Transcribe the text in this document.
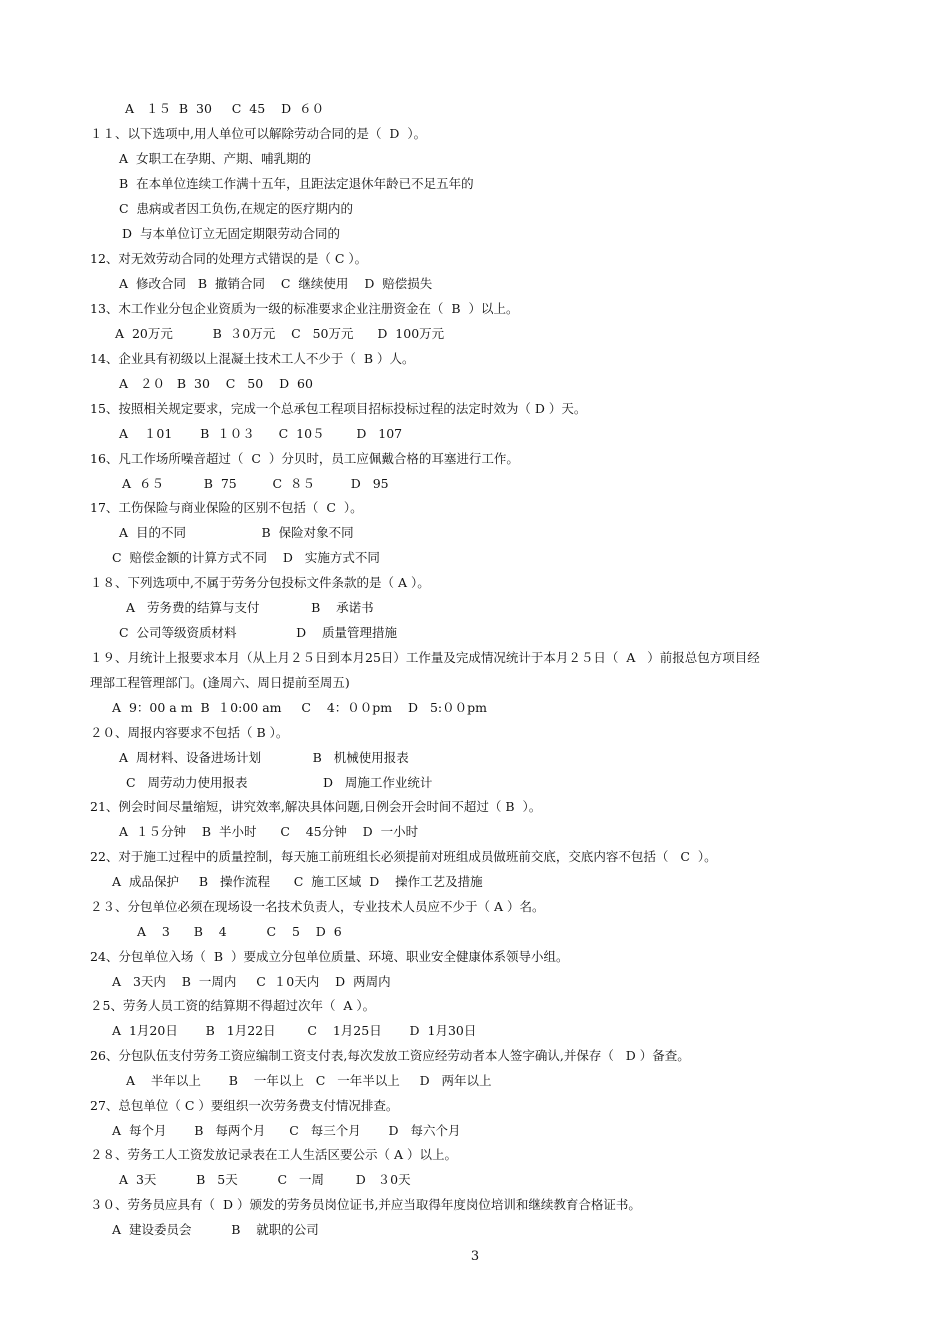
A   １５  B  30     C  45    D  ６０
１１、以下选项中,用人单位可以解除劳动合同的是（  D  ）。
A  女职工在孕期、产期、哺乳期的
B  在本单位连续工作满十五年，且距法定退休年龄已不足五年的
C  患病或者因工负伤,在规定的医疗期内的
D  与本单位订立无固定期限劳动合同的
12、对无效劳动合同的处理方式错误的是（ C ）。
A  修改合同   B  撤销合同    C  继续使用    D  赔偿损失
13、木工作业分包企业资质为一级的标准要求企业注册资金在（  B  ）以上。
A  20万元          B  ３0万元    C   50万元      D  100万元
14、企业具有初级以上混凝土技术工人不少于（  B ）人。
A   ２０   B  30    C   50    D  60
15、按照相关规定要求，完成一个总承包工程项目招标投标过程的法定时效为（ D ）天。
A    １01       B  １０３      C  10５        D   107
16、凡工作场所噪音超过（  C  ）分贝时，员工应佩戴合格的耳塞进行工作。
A  ６５          B  75         C  ８５         D   95
17、工伤保险与商业保险的区别不包括（  C  ）。
A  目的不同                   B  保险对象不同
C  赔偿金额的计算方式不同    D   实施方式不同
１８、下列选项中,不属于劳务分包投标文件条款的是（ A ）。
A   劳务费的结算与支付             B    承诺书
C  公司等级资质材料               D    质量管理措施
１９、月统计上报要求本月（从上月２５日到本月25日）工作量及完成情况统计于本月２５日（  A   ）前报总包方项目经
理部工程管理部门。(逢周六、周日提前至周五)
A  9：00 a m  B  １0:00 am     C    4：００pm    D   5:００pm
２０、周报内容要求不包括（ B ）。
A  周材料、设备进场计划             B   机械使用报表
C   周劳动力使用报表                   D   周施工作业统计
21、例会时间尽量缩短，讲究效率,解决具体问题,日例会开会时间不超过（ B  ）。
A  １５分钟    B  半小时      C    45分钟    D  一小时
22、对于施工过程中的质量控制，每天施工前班组长必须提前对班组成员做班前交底，交底内容不包括（   C  ）。
A  成品保护     B   操作流程      C  施工区域  D    操作工艺及措施
２３、分包单位必须在现场设一名技术负责人，专业技术人员应不少于（ A ）名。
A    3      B    4          C    5    D  6
24、分包单位入场（  B  ）要成立分包单位质量、环境、职业安全健康体系领导小组。
A   3天内    B  一周内     C  １0天内    D  两周内
２5、劳务人员工资的结算期不得超过次年（  A ）。
A  1月20日       B   1月22日        C    1月25日       D  1月30日
26、分包队伍支付劳务工资应编制工资支付表,每次发放工资应经劳动者本人签字确认,并保存（   D ）备查。
A    半年以上       B    一年以上   C   一年半以上     D   两年以上
27、总包单位（ C ）要组织一次劳务费支付情况排查。
A  每个月       B   每两个月      C   每三个月       D   每六个月
２８、劳务工人工资发放记录表在工人生活区要公示（ A ）以上。
A  3天          B   5天          C   一周        D   ３0天
３０、劳务员应具有（  D ）颁发的劳务员岗位证书,并应当取得年度岗位培训和继续教育合格证书。
A  建设委员会          B    就职的公司
3
